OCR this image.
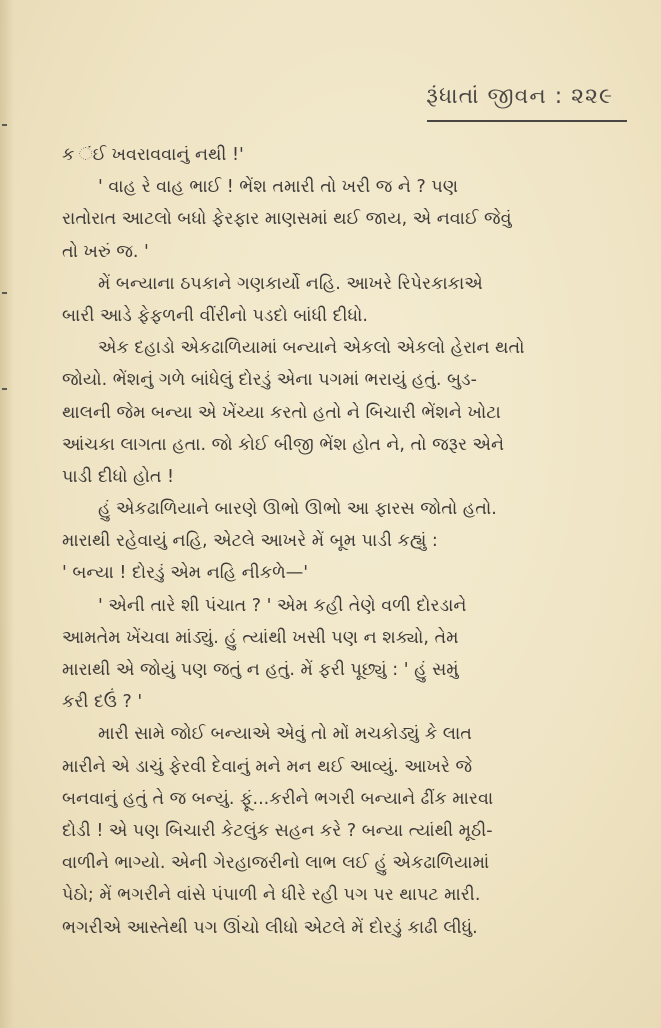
રૂંધાતાં જીવન : ૨૨૯
ક ંઈ ખવરાવવાનું નથી !'
' વાહ રે વાહ ભાઈ ! ભેંશ તમારી તો ખરી જ ને ? પણ
રાતોરાત આટલો બધો ફેરફાર માણસમાં થઈ જાય, એ નવાઈ જેવું
તો ખરું જ. '
મેં બન્યાના ઠપકાને ગણકાર્યો નહિ. આખરે રિપેરકાકાએ
બારી આડે ફેફળની વીંરીનો પડદો બાંધી દીધો.
એક દહાડો એકઢાળિયામાં બન્યાને એકલો એકલો હેરાન થતો
જોયો. ભેંશનું ગળે બાંધેલું દોરડું એના પગમાં ભરાયું હતું. બુડ-
થાલની જેમ બન્યા એ ખેંચ્યા કરતો હતો ને બિચારી ભેંશને ખોટા
આંચકા લાગતા હતા. જો કોઈ બીજી ભેંશ હોત ને, તો જરૂર એને
પાડી દીધો હોત !
હું એકઢાળિયાને બારણે ઊભો ઊભો આ ફારસ જોતો હતો.
મારાથી રહેવાયું નહિ, એટલે આખરે મેં બૂમ પાડી કહ્યું :
' બન્યા ! દોરડું એમ નહિ નીકળે—'
' એની તારે શી પંચાત ? ' એમ કહી તેણે વળી દોરડાને
આમતેમ ખેંચવા માંડ્યું. હું ત્યાંથી ખસી પણ ન શક્યો, તેમ
મારાથી એ જોયું પણ જતું ન હતું. મેં ફરી પૂછ્યું : ' હું સમું
કરી દઉં ? '
મારી સામે જોઈ બન્યાએ એવું તો મોં મચકોડ્યું કે લાત
મારીને એ ડાચું ફેરવી દેવાનું મને મન થઈ આવ્યું. આખરે જે
બનવાનું હતું તે જ બન્યું. ફૂં...કરીને ભગરી બન્યાને ઢીંક મારવા
દોડી ! એ પણ બિચારી કેટલુંક સહન કરે ? બન્યા ત્યાંથી મૂઠી-
વાળીને ભાગ્યો. એની ગેરહાજરીનો લાભ લઈ હું એકઢાળિયામાં
પેઠો; મેં ભગરીને વાંસે પંપાળી ને ધીરે રહી પગ પર થાપટ મારી.
ભગરીએ આસ્તેથી પગ ઊંચો લીધો એટલે મેં દોરડું કાઢી લીધું.
